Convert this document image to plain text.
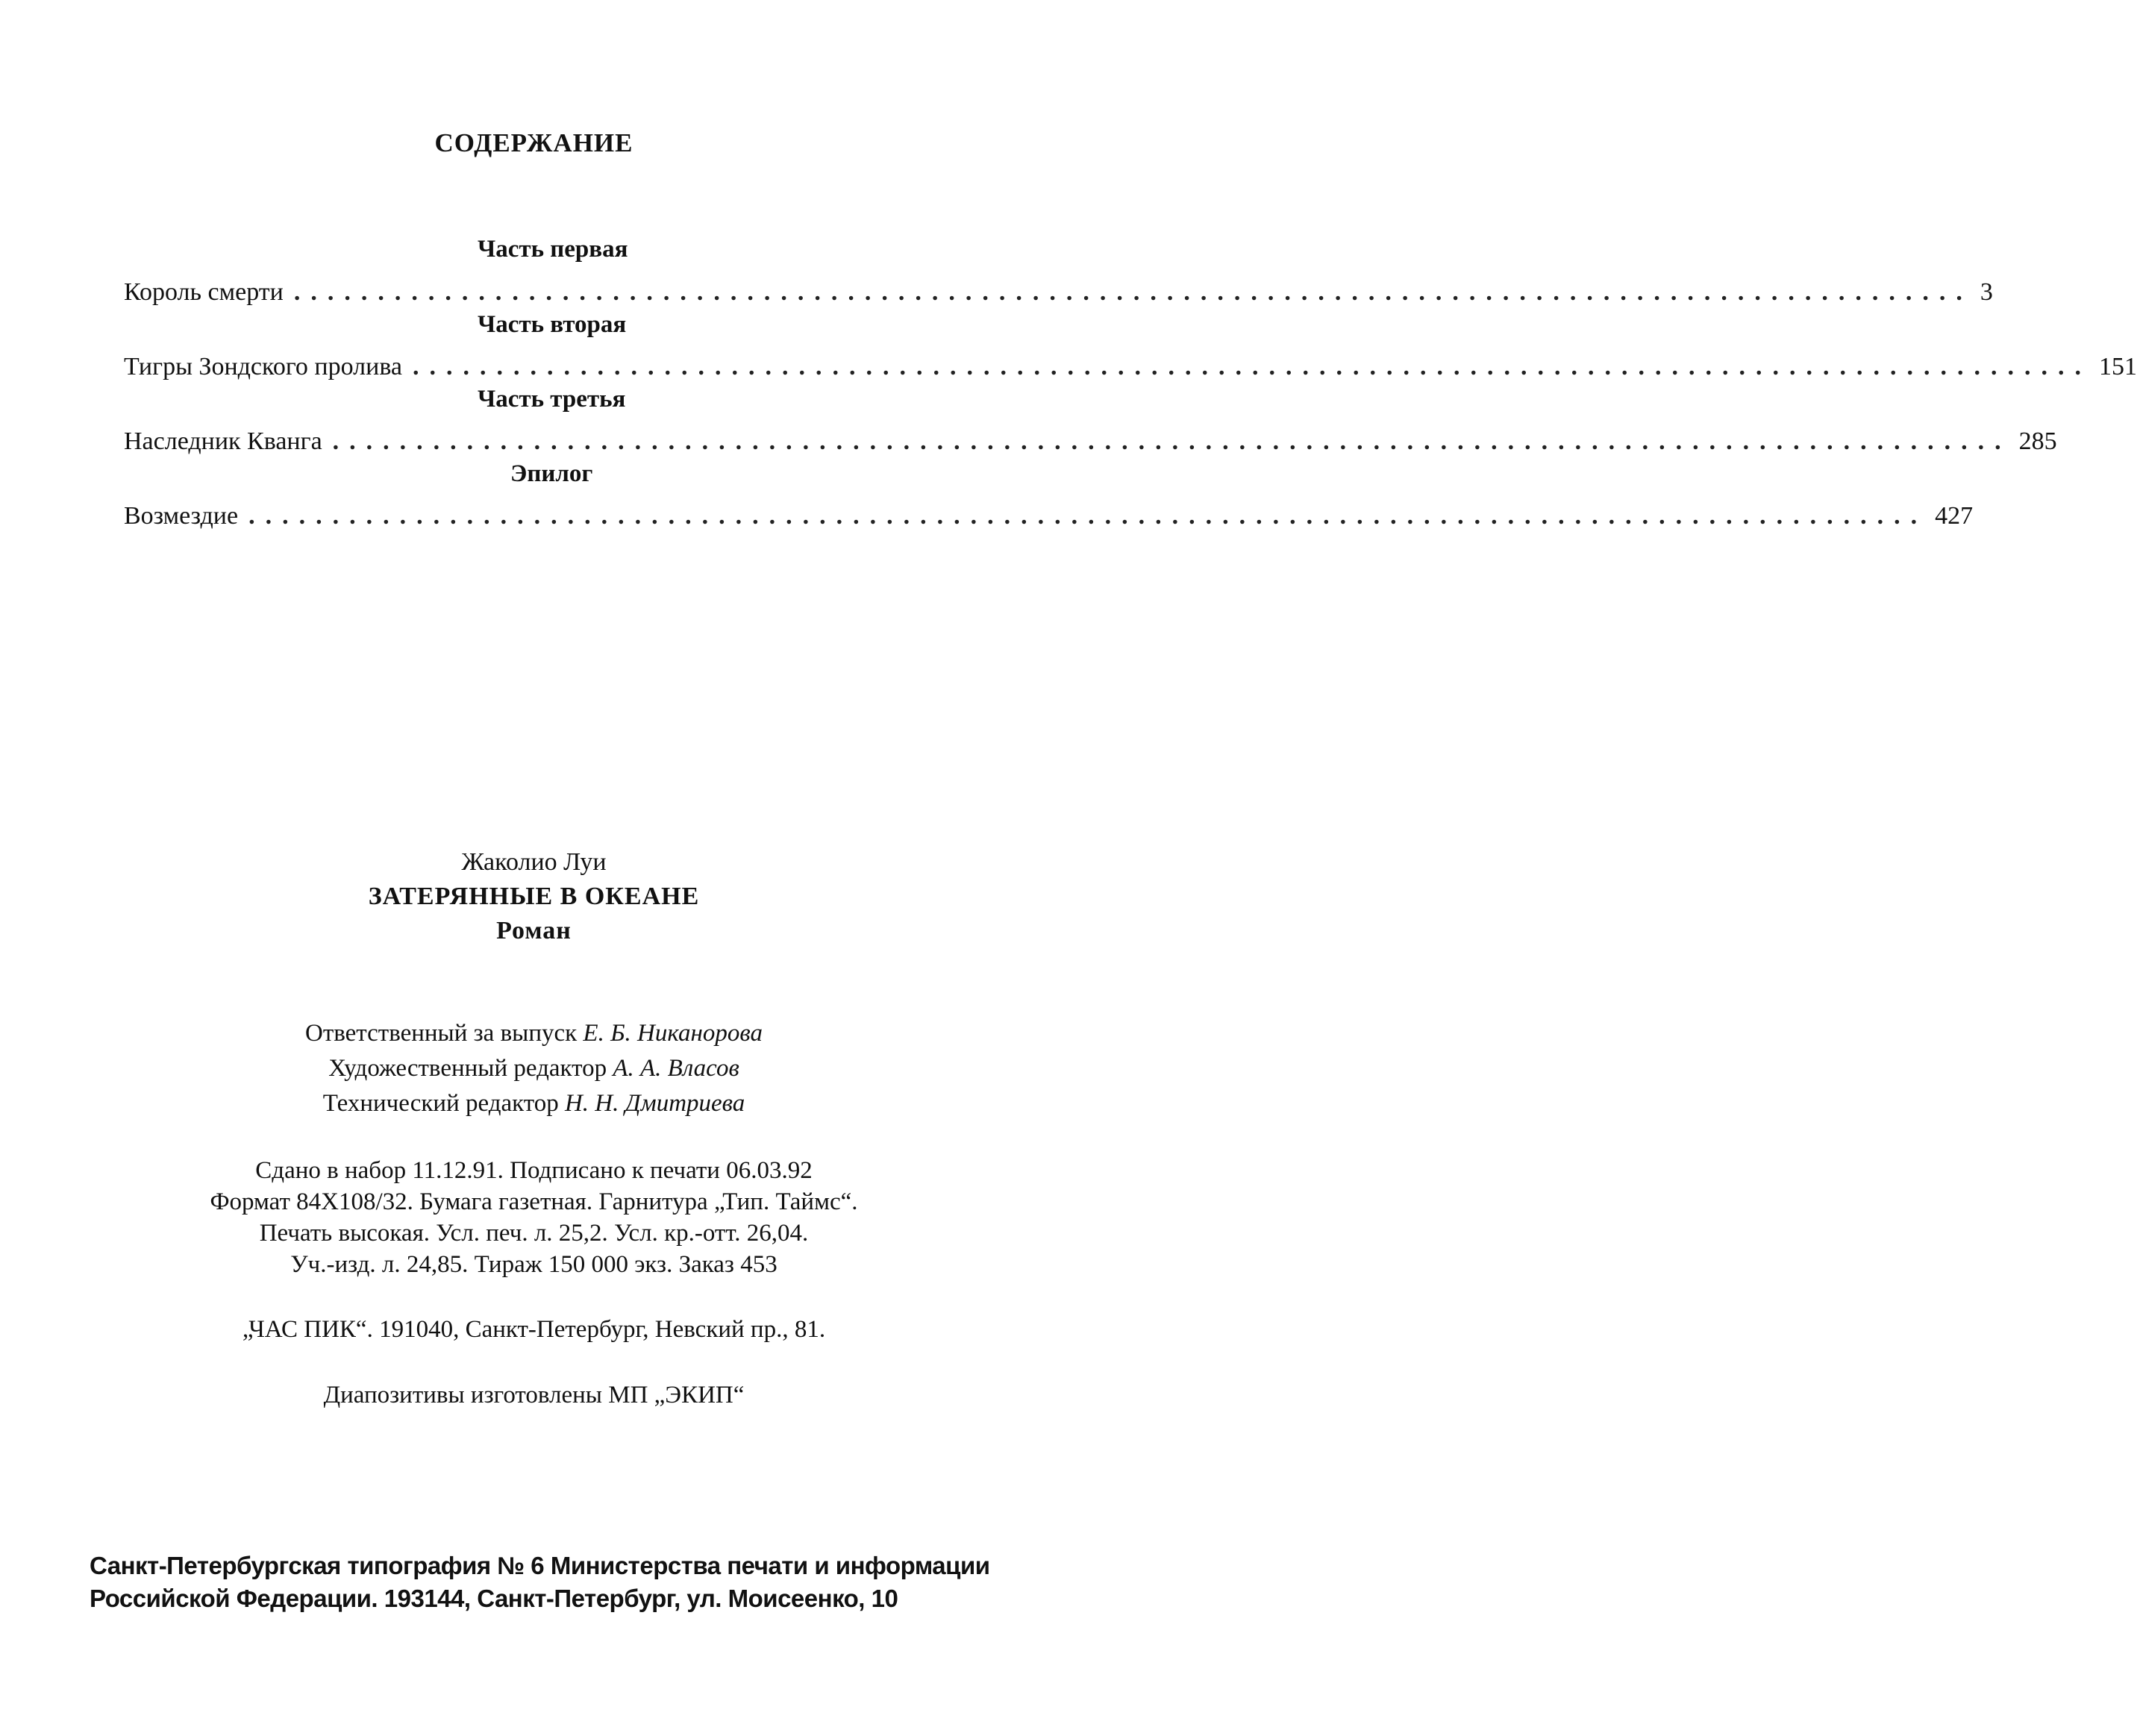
СОДЕРЖАНИЕ
Часть первая
Король смерти .................................................................................................... 3
Часть вторая
Тигры Зондского пролива .................................................................................................... 151
Часть третья
Наследник Кванга .................................................................................................... 285
Эпилог
Возмездие .................................................................................................... 427
Жаколио Луи
ЗАТЕРЯННЫЕ В ОКЕАНЕ
Роман
Ответственный за выпуск Е. Б. Никанорова
Художественный редактор А. А. Власов
Технический редактор Н. Н. Дмитриева
Сдано в набор 11.12.91. Подписано к печати 06.03.92
Формат 84Х108/32. Бумага газетная. Гарнитура „Тип. Таймс“.
Печать высокая. Усл. печ. л. 25,2. Усл. кр.-отт. 26,04.
Уч.-изд. л. 24,85. Тираж 150 000 экз. Заказ 453
„ЧАС ПИК“. 191040, Санкт-Петербург, Невский пр., 81.
Диапозитивы изготовлены МП „ЭКИП“
Санкт-Петербургская типография № 6 Министерства печати и информации
Российской Федерации. 193144, Санкт-Петербург, ул. Моисеенко, 10
